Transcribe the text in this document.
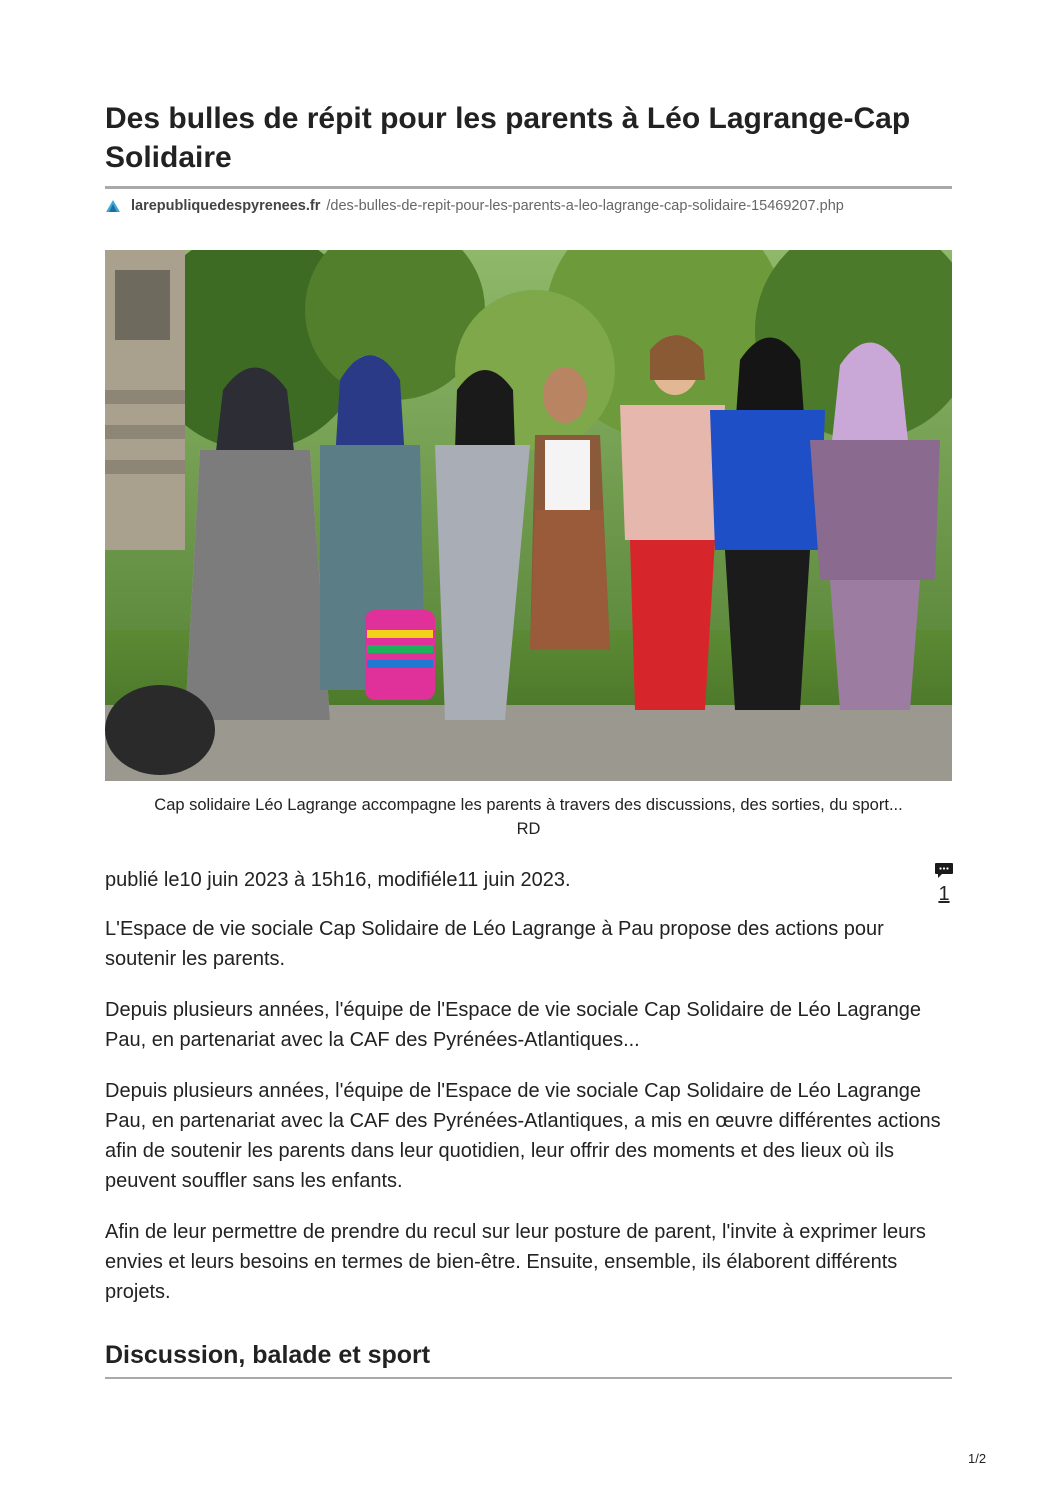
Des bulles de répit pour les parents à Léo Lagrange-Cap Solidaire
larepubliquedespyrenees.fr /des-bulles-de-repit-pour-les-parents-a-leo-lagrange-cap-solidaire-15469207.php
Cap solidaire Léo Lagrange accompagne les parents à travers des discussions, des sorties, du sport...
RD
publié le10 juin 2023 à 15h16, modifiéle11 juin 2023.
1

L'Espace de vie sociale Cap Solidaire de Léo Lagrange à Pau propose des actions pour soutenir les parents.

Depuis plusieurs années, l'équipe de l'Espace de vie sociale Cap Solidaire de Léo Lagrange Pau, en partenariat avec la CAF des Pyrénées-Atlantiques...

Depuis plusieurs années, l'équipe de l'Espace de vie sociale Cap Solidaire de Léo Lagrange Pau, en partenariat avec la CAF des Pyrénées-Atlantiques, a mis en œuvre différentes actions afin de soutenir les parents dans leur quotidien, leur offrir des moments et des lieux où ils peuvent souffler sans les enfants.

Afin de leur permettre de prendre du recul sur leur posture de parent, l'invite à exprimer leurs envies et leurs besoins en termes de bien-être. Ensuite, ensemble, ils élaborent différents projets.

Discussion, balade et sport
1/2
